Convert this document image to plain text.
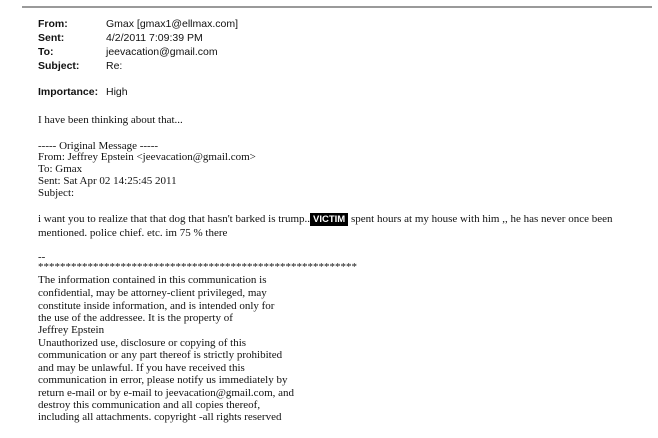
From:	Gmax [gmax1@ellmax.com]
Sent:	4/2/2011 7:09:39 PM
To:	jeevacation@gmail.com
Subject:	Re:
Importance: High
I have been thinking about that...
----- Original Message -----
From: Jeffrey Epstein <jeevacation@gmail.com>
To: Gmax
Sent: Sat Apr 02 14:25:45 2011
Subject:
i want you to realize that that dog that hasn't barked is trump.. VICTIM spent hours at my house with him ,, he has never once been
mentioned. police chief. etc. im 75 % there
--
**********************************************************
The information contained in this communication is
confidential, may be attorney-client privileged, may
constitute inside information, and is intended only for
the use of the addressee. It is the property of
Jeffrey Epstein
Unauthorized use, disclosure or copying of this
communication or any part thereof is strictly prohibited
and may be unlawful. If you have received this
communication in error, please notify us immediately by
return e-mail or by e-mail to jeevacation@gmail.com, and
destroy this communication and all copies thereof,
including all attachments. copyright -all rights reserved
